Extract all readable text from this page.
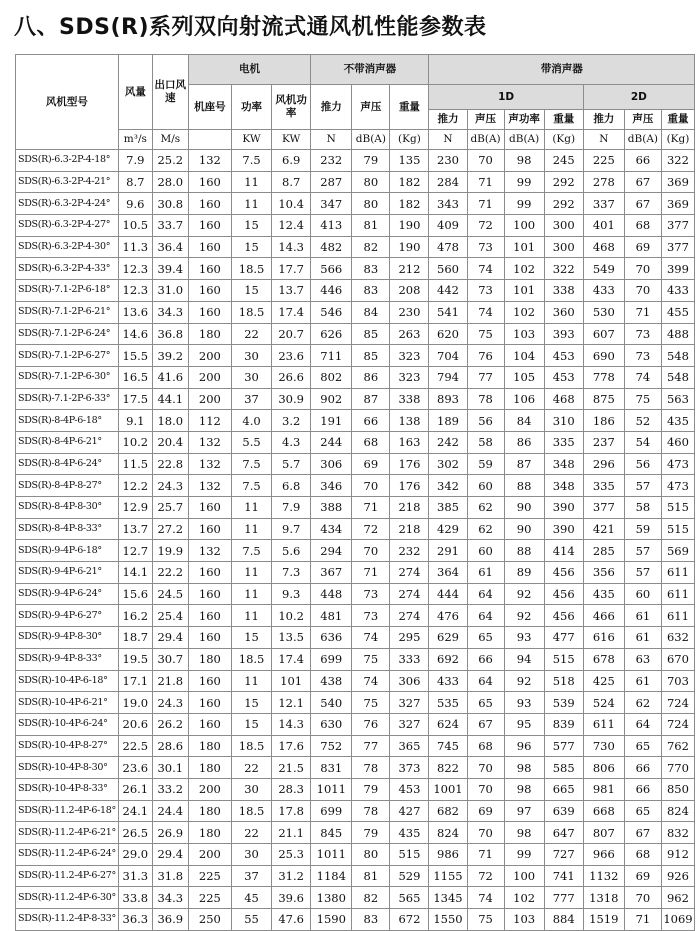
八、SDS(R)系列双向射流式通风机性能参数表
风机型号	风量	出口风速	电机			不带消声器			带消声器						
			机座号	功率	风机功率	推力	声压	重量	1D				2D		
									推力	声压	声功率	重量	推力	声压	重量
	m³/s	M/s		KW	KW	N	dB(A)	(Kg)	N	dB(A)	dB(A)	(Kg)	N	dB(A)	(Kg)
SDS(R)-6.3-2P-4-18°	7.9	25.2	132	7.5	6.9	232	79	135	230	70	98	245	225	66	322
SDS(R)-6.3-2P-4-21°	8.7	28.0	160	11	8.7	287	80	182	284	71	99	292	278	67	369
SDS(R)-6.3-2P-4-24°	9.6	30.8	160	11	10.4	347	80	182	343	71	99	292	337	67	369
SDS(R)-6.3-2P-4-27°	10.5	33.7	160	15	12.4	413	81	190	409	72	100	300	401	68	377
SDS(R)-6.3-2P-4-30°	11.3	36.4	160	15	14.3	482	82	190	478	73	101	300	468	69	377
SDS(R)-6.3-2P-4-33°	12.3	39.4	160	18.5	17.7	566	83	212	560	74	102	322	549	70	399
SDS(R)-7.1-2P-6-18°	12.3	31.0	160	15	13.7	446	83	208	442	73	101	338	433	70	433
SDS(R)-7.1-2P-6-21°	13.6	34.3	160	18.5	17.4	546	84	230	541	74	102	360	530	71	455
SDS(R)-7.1-2P-6-24°	14.6	36.8	180	22	20.7	626	85	263	620	75	103	393	607	73	488
SDS(R)-7.1-2P-6-27°	15.5	39.2	200	30	23.6	711	85	323	704	76	104	453	690	73	548
SDS(R)-7.1-2P-6-30°	16.5	41.6	200	30	26.6	802	86	323	794	77	105	453	778	74	548
SDS(R)-7.1-2P-6-33°	17.5	44.1	200	37	30.9	902	87	338	893	78	106	468	875	75	563
SDS(R)-8-4P-6-18°	9.1	18.0	112	4.0	3.2	191	66	138	189	56	84	310	186	52	435
SDS(R)-8-4P-6-21°	10.2	20.4	132	5.5	4.3	244	68	163	242	58	86	335	237	54	460
SDS(R)-8-4P-6-24°	11.5	22.8	132	7.5	5.7	306	69	176	302	59	87	348	296	56	473
SDS(R)-8-4P-8-27°	12.2	24.3	132	7.5	6.8	346	70	176	342	60	88	348	335	57	473
SDS(R)-8-4P-8-30°	12.9	25.7	160	11	7.9	388	71	218	385	62	90	390	377	58	515
SDS(R)-8-4P-8-33°	13.7	27.2	160	11	9.7	434	72	218	429	62	90	390	421	59	515
SDS(R)-9-4P-6-18°	12.7	19.9	132	7.5	5.6	294	70	232	291	60	88	414	285	57	569
SDS(R)-9-4P-6-21°	14.1	22.2	160	11	7.3	367	71	274	364	61	89	456	356	57	611
SDS(R)-9-4P-6-24°	15.6	24.5	160	11	9.3	448	73	274	444	64	92	456	435	60	611
SDS(R)-9-4P-6-27°	16.2	25.4	160	11	10.2	481	73	274	476	64	92	456	466	61	611
SDS(R)-9-4P-8-30°	18.7	29.4	160	15	13.5	636	74	295	629	65	93	477	616	61	632
SDS(R)-9-4P-8-33°	19.5	30.7	180	18.5	17.4	699	75	333	692	66	94	515	678	63	670
SDS(R)-10-4P-6-18°	17.1	21.8	160	11	101	438	74	306	433	64	92	518	425	61	703
SDS(R)-10-4P-6-21°	19.0	24.3	160	15	12.1	540	75	327	535	65	93	539	524	62	724
SDS(R)-10-4P-6-24°	20.6	26.2	160	15	14.3	630	76	327	624	67	95	839	611	64	724
SDS(R)-10-4P-8-27°	22.5	28.6	180	18.5	17.6	752	77	365	745	68	96	577	730	65	762
SDS(R)-10-4P-8-30°	23.6	30.1	180	22	21.5	831	78	373	822	70	98	585	806	66	770
SDS(R)-10-4P-8-33°	26.1	33.2	200	30	28.3	1011	79	453	1001	70	98	665	981	66	850
SDS(R)-11.2-4P-6-18°	24.1	24.4	180	18.5	17.8	699	78	427	682	69	97	639	668	65	824
SDS(R)-11.2-4P-6-21°	26.5	26.9	180	22	21.1	845	79	435	824	70	98	647	807	67	832
SDS(R)-11.2-4P-6-24°	29.0	29.4	200	30	25.3	1011	80	515	986	71	99	727	966	68	912
SDS(R)-11.2-4P-6-27°	31.3	31.8	225	37	31.2	1184	81	529	1155	72	100	741	1132	69	926
SDS(R)-11.2-4P-6-30°	33.8	34.3	225	45	39.6	1380	82	565	1345	74	102	777	1318	70	962
SDS(R)-11.2-4P-8-33°	36.3	36.9	250	55	47.6	1590	83	672	1550	75	103	884	1519	71	1069
